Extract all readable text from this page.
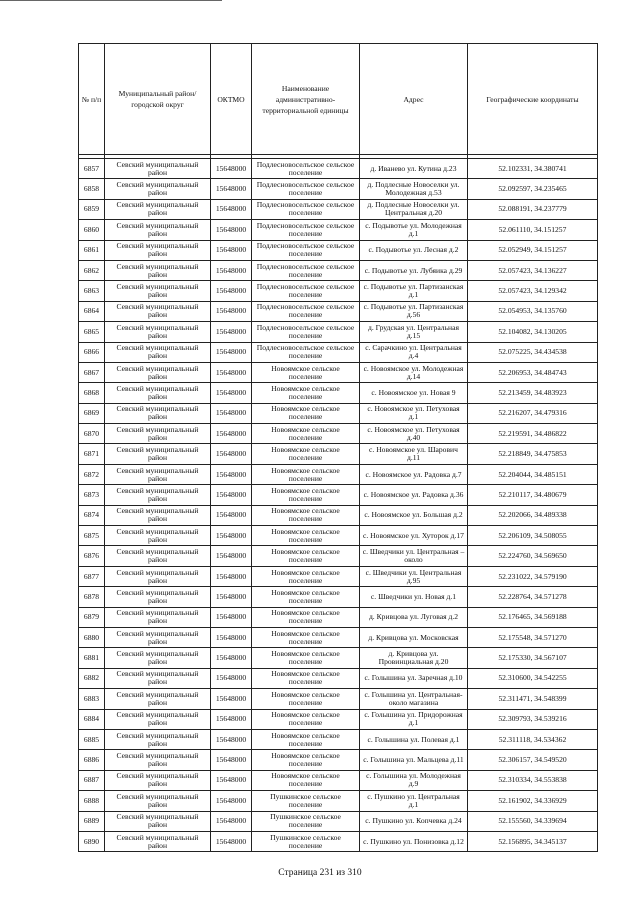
№ п/п	Муниципальный район/городской округ	ОКТМО	Наименование административно-территориальной единицы	Адрес	Географические координаты

6857	Севский муниципальный район	15648000	Подлесновоселъское сельское поселение	д. Иванево ул. Кутина д.23	52.102331, 34.380741
6858	Севский муниципальный район	15648000	Подлесновоселъское сельское поселение	д. Подлесные Новоселки ул. Молодежная д.53	52.092597, 34.235465
6859	Севский муниципальный район	15648000	Подлесновоселъское сельское поселение	д. Подлесные Новоселки ул. Центральная д.20	52.088191, 34.237779
6860	Севский муниципальный район	15648000	Подлесновоселъское сельское поселение	с. Подывотье ул. Молодежная д.1	52.061110, 34.151257
6861	Севский муниципальный район	15648000	Подлесновоселъское сельское поселение	с. Подывотье ул. Лесная д.2	52.052949, 34.151257
6862	Севский муниципальный район	15648000	Подлесновоселъское сельское поселение	с. Подывотье ул. Лубяика д.29	52.057423, 34.136227
6863	Севский муниципальный район	15648000	Подлесновоселъское сельское поселение	с. Подывотье ул. Партизанская д.1	52.057423, 34.129342
6864	Севский муниципальный район	15648000	Подлесновоселъское сельское поселение	с. Подывотье ул. Партизанская д.56	52.054953, 34.135760
6865	Севский муниципальный район	15648000	Подлесновоселъское сельское поселение	д. Грудская ул. Центральная д.15	52.104082, 34.130205
6866	Севский муниципальный район	15648000	Подлесновоселъское сельское поселение	с. Сарачкино ул. Центральная д.4	52.075225, 34.434538
6867	Севский муниципальный район	15648000	Новоямское сельское поселение	с. Новоямское ул. Молодежная д.14	52.206953, 34.484743
6868	Севский муниципальный район	15648000	Новоямское сельское поселение	с. Новоямское ул. Новая 9	52.213459, 34.483923
6869	Севский муниципальный район	15648000	Новоямское сельское поселение	с. Новоямское ул. Петуховая д.1	52.216207, 34.479316
6870	Севский муниципальный район	15648000	Новоямское сельское поселение	с. Новоямское ул. Петуховая д.40	52.219591, 34.486822
6871	Севский муниципальный район	15648000	Новоямское сельское поселение	с. Новоямское ул. Шарович д.11	52.218849, 34.475853
6872	Севский муниципальный район	15648000	Новоямское сельское поселение	с. Новоямское ул. Радовка д.7	52.204044, 34.485151
6873	Севский муниципальный район	15648000	Новоямское сельское поселение	с. Новоямское ул. Радовка д.36	52.210117, 34.480679
6874	Севский муниципальный район	15648000	Новоямское сельское поселение	с. Новоямское ул. Большая д.2	52.202066, 34.489338
6875	Севский муниципальный район	15648000	Новоямское сельское поселение	с. Новоямское ул. Хуторок д.17	52.206109, 34.508055
6876	Севский муниципальный район	15648000	Новоямское сельское поселение	с. Шведчики ул. Центральная –около	52.224760, 34.569650
6877	Севский муниципальный район	15648000	Новоямское сельское поселение	с. Шведчики ул. Центральная д.95	52.231022, 34.579190
6878	Севский муниципальный район	15648000	Новоямское сельское поселение	с. Шведчики ул. Новая д.1	52.228764, 34.571278
6879	Севский муниципальный район	15648000	Новоямское сельское поселение	д. Кривцова ул. Луговая д.2	52.176465, 34.569188
6880	Севский муниципальный район	15648000	Новоямское сельское поселение	д. Кривцова ул. Московская	52.175548, 34.571270
6881	Севский муниципальный район	15648000	Новоямское сельское поселение	д. Кривцова ул. Провинциальная д.20	52.175330, 34.567107
6882	Севский муниципальный район	15648000	Новоямское сельское поселение	с. Голышина ул. Заречная д.10	52.310600, 34.542255
6883	Севский муниципальный район	15648000	Новоямское сельское поселение	с. Голышина ул. Центральная-около магазина	52.311471, 34.548399
6884	Севский муниципальный район	15648000	Новоямское сельское поселение	с. Голышина ул. Придорожная д.1	52.309793, 34.539216
6885	Севский муниципальный район	15648000	Новоямское сельское поселение	с. Голышина ул. Полевая д.1	52.311118, 34.534362
6886	Севский муниципальный район	15648000	Новоямское сельское поселение	с. Голышина ул. Мальцева д.11	52.306157, 34.549520
6887	Севский муниципальный район	15648000	Новоямское сельское поселение	с. Голышина ул. Молодежная д.9	52.310334, 34.553838
6888	Севский муниципальный район	15648000	Пушкинское сельское поселение	с. Пушкино ул. Центральная д.1	52.161902, 34.336929
6889	Севский муниципальный район	15648000	Пушкинское сельское поселение	с. Пушкино ул. Копчевка д.24	52.155560, 34.339694
6890	Севский муниципальный район	15648000	Пушкинское сельское поселение	с. Пушкино ул. Понизовка д.12	52.156895, 34.345137
Страница 231 из 310
